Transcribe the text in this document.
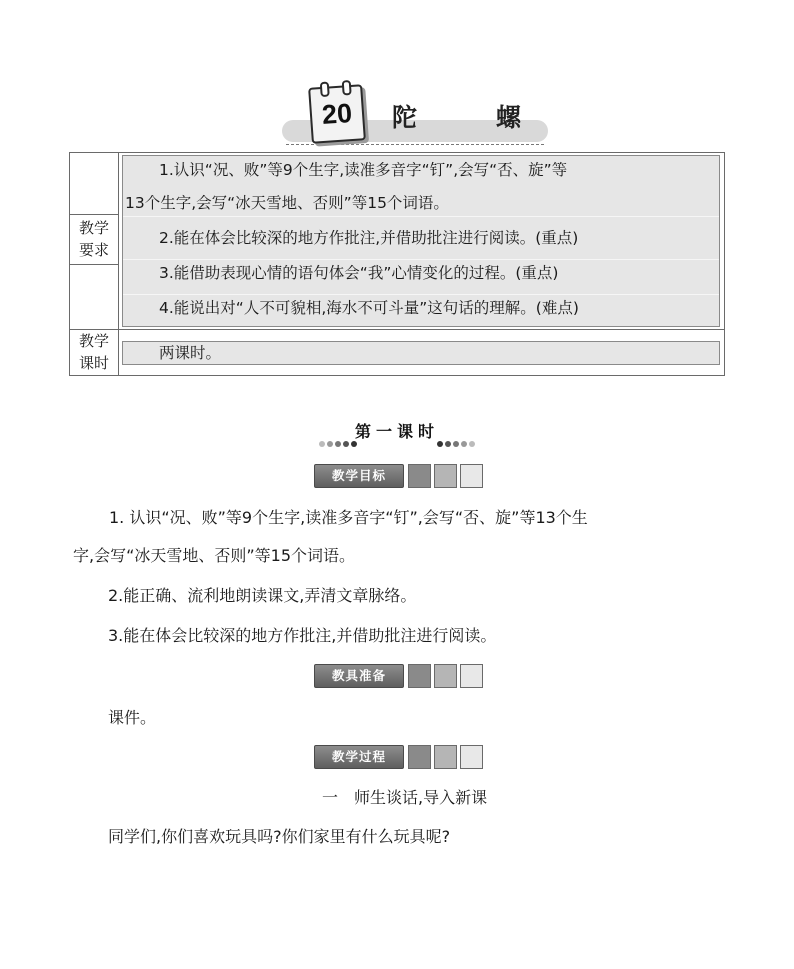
20 陀	螺
教学
要求
1.认识“况、败”等9个生字,读准多音字“钉”,会写“否、旋”等
13个生字,会写“冰天雪地、否则”等15个词语。
2.能在体会比较深的地方作批注,并借助批注进行阅读。(重点)
3.能借助表现心情的语句体会“我”心情变化的过程。(重点)
4.能说出对“人不可貌相,海水不可斗量”这句话的理解。(难点)
教学
课时
两课时。
第一课时
教学目标
1. 认识“况、败”等9个生字,读准多音字“钉”,会写“否、旋”等13个生
字,会写“冰天雪地、否则”等15个词语。
2.能正确、流利地朗读课文,弄清文章脉络。
3.能在体会比较深的地方作批注,并借助批注进行阅读。
教具准备
课件。
教学过程
一　师生谈话,导入新课
同学们,你们喜欢玩具吗?你们家里有什么玩具呢?
